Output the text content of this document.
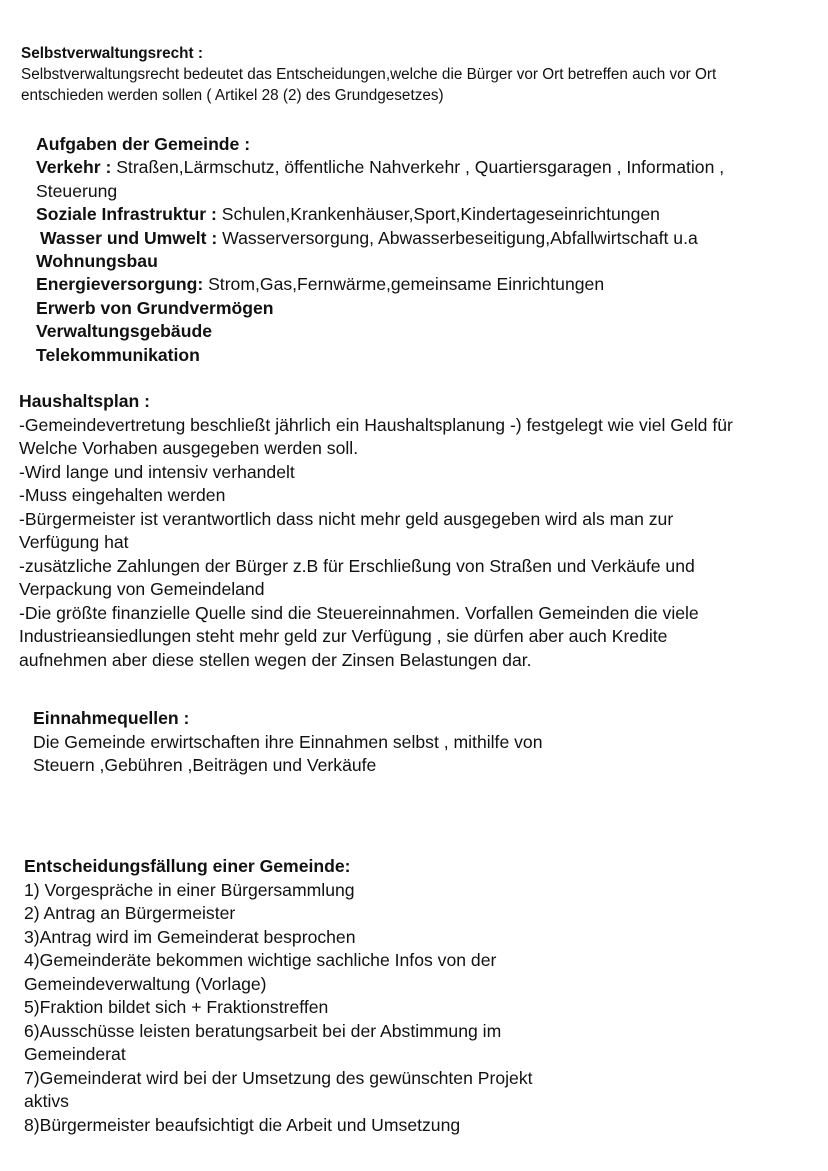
Selbstverwaltungsrecht :
Selbstverwaltungsrecht bedeutet das Entscheidungen,welche die Bürger vor Ort betreffen auch vor Ort
entschieden werden sollen ( Artikel 28 (2) des Grundgesetzes)
Aufgaben der Gemeinde :
Verkehr : Straßen,Lärmschutz, öffentliche Nahverkehr , Quartiersgaragen , Information ,
Steuerung
Soziale Infrastruktur : Schulen,Krankenhäuser,Sport,Kindertageseinrichtungen
Wasser und Umwelt : Wasserversorgung, Abwasserbeseitigung,Abfallwirtschaft u.a
Wohnungsbau
Energieversorgung: Strom,Gas,Fernwärme,gemeinsame Einrichtungen
Erwerb von Grundvermögen
Verwaltungsgebäude
Telekommunikation
Haushaltsplan :
-Gemeindevertretung beschließt jährlich ein Haushaltsplanung -) festgelegt wie viel Geld für
Welche Vorhaben ausgegeben werden soll.
-Wird lange und intensiv verhandelt
-Muss eingehalten werden
-Bürgermeister ist verantwortlich dass nicht mehr geld ausgegeben wird als man zur
Verfügung hat
-zusätzliche Zahlungen der Bürger z.B für Erschließung von Straßen und Verkäufe und
Verpackung von Gemeindeland
-Die größte finanzielle Quelle sind die Steuereinnahmen. Vorfallen Gemeinden die viele
Industrieansiedlungen steht mehr geld zur Verfügung , sie dürfen aber auch Kredite
aufnehmen aber diese stellen wegen der Zinsen Belastungen dar.
Einnahmequellen :
Die Gemeinde erwirtschaften ihre Einnahmen selbst , mithilfe von
Steuern ,Gebühren ,Beiträgen und Verkäufe
Entscheidungsfällung einer Gemeinde:
1) Vorgespräche in einer Bürgersammlung
2) Antrag an Bürgermeister
3)Antrag wird im Gemeinderat besprochen
4)Gemeinderäte bekommen wichtige sachliche Infos von der
Gemeindeverwaltung (Vorlage)
5)Fraktion bildet sich + Fraktionstreffen
6)Ausschüsse leisten beratungsarbeit bei der Abstimmung im
Gemeinderat
7)Gemeinderat wird bei der Umsetzung des gewünschten Projekt
aktivs
8)Bürgermeister beaufsichtigt die Arbeit und Umsetzung
